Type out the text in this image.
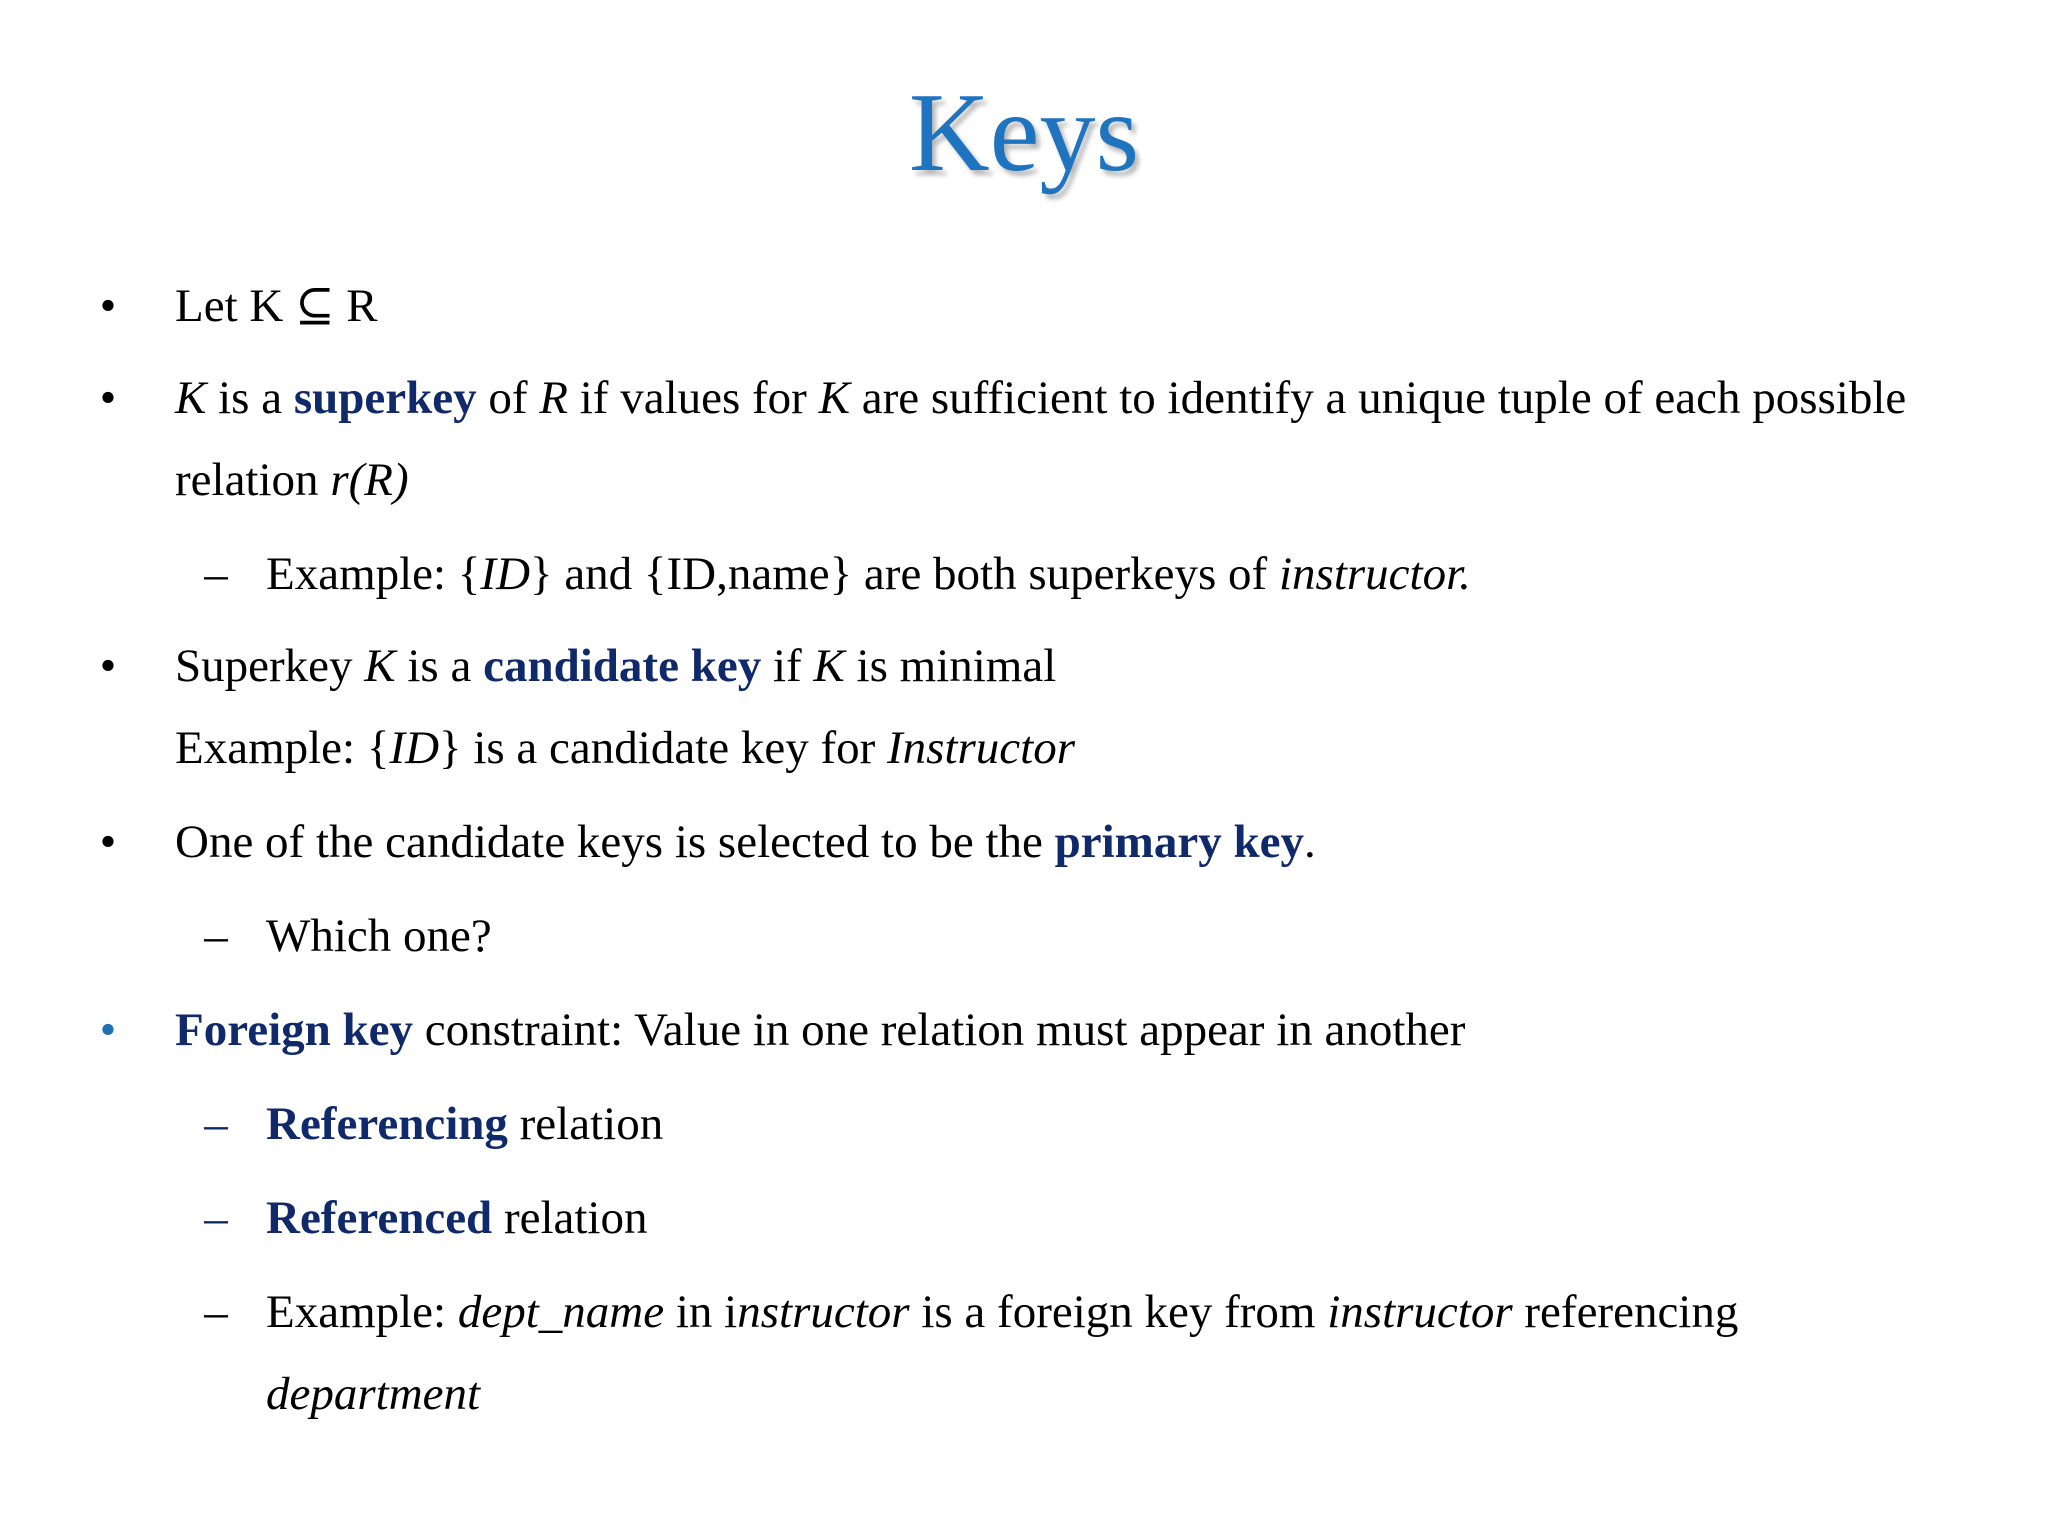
Keys
• Let K ⊆ R
• K is a superkey of R if values for K are sufficient to identify a unique tuple of each possible
relation r(R)
– Example: {ID} and {ID,name} are both superkeys of instructor.
• Superkey K is a candidate key if K is minimal
Example: {ID} is a candidate key for Instructor
• One of the candidate keys is selected to be the primary key.
– Which one?
• Foreign key constraint: Value in one relation must appear in another
– Referencing relation
– Referenced relation
– Example: dept_name in instructor is a foreign key from instructor referencing
department
